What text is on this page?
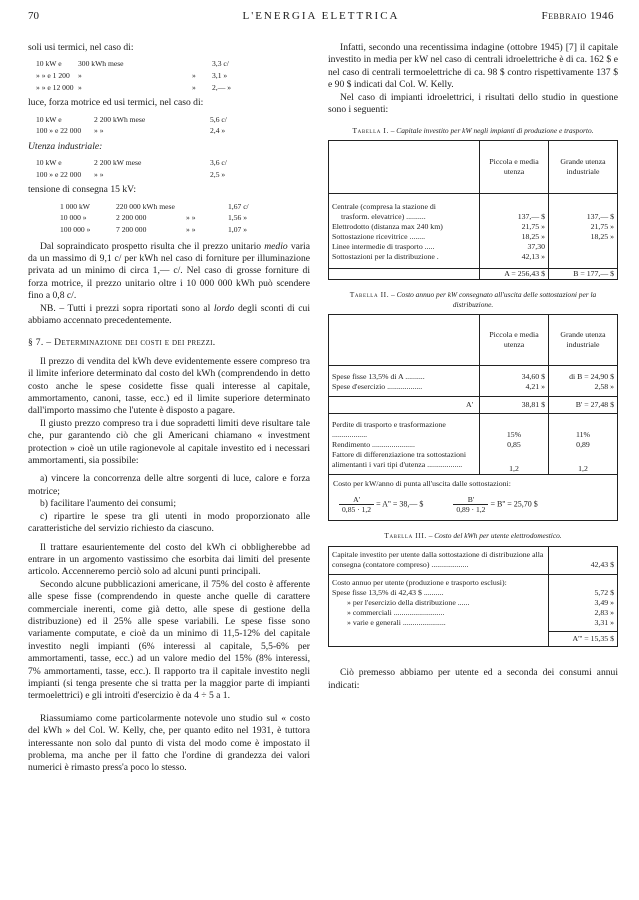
70	L'ENERGIA ELETTRICA	Febbraio 1946

soli usi termici, nel caso di:

10 kW e	300 kWh mese		3,3 c/
» » e 1 200	»	»	3,1 »
» » e 12 000	»	»	2,— »

luce, forza motrice ed usi termici, nel caso di:

10 kW e	2 200 kWh mese	5,6 c/
100 » e 22 000	» »	2,4 »

Utenza industriale:

10 kW e	2 200 kW mese	3,6 c/
100 » e 22 000	» »	2,5 »

tensione di consegna 15 kV:

1 000 kW	220 000 kWh mese		1,67 c/
10 000 »	2 200 000	» »	1,56 »
100 000 »	7 200 000	» »	1,07 »

Dal sopraindicato prospetto risulta che il prezzo unitario medio varia da un massimo di 9,1 c/ per kWh nel caso di forniture per illuminazione privata ad un minimo di circa 1,— c/. Nel caso di grosse forniture di forza motrice, il prezzo unitario oltre i 10 000 000 kWh può scendere fino a 0,8 c/.

NB. – Tutti i prezzi sopra riportati sono al lordo degli sconti di cui abbiamo accennato precedentemente.

§ 7. – Determinazione dei costi e dei prezzi.

Il prezzo di vendita del kWh deve evidentemente essere compreso tra il limite inferiore determinato dal costo del kWh (comprendendo in detto costo anche le spese cosidette fisse quali interesse al capitale, ammortamento, canoni, tasse, ecc.) ed il limite superiore determinato dall'importo massimo che l'utente è disposto a pagare.

Il giusto prezzo compreso tra i due sopradetti limiti deve risultare tale che, pur garantendo ciò che gli Americani chiamano « investment protection » cioè un utile ragionevole al capitale investito ed i necessari ammortamenti, sia possibile:

a) vincere la concorrenza delle altre sorgenti di luce, calore e forza motrice;

b) facilitare l'aumento dei consumi;

c) ripartire le spese tra gli utenti in modo proporzionato alle caratteristiche del servizio richiesto da ciascuno.

Il trattare esaurientemente del costo del kWh ci obbligherebbe ad entrare in un argomento vastissimo che esorbita dai limiti del presente articolo. Accenneremo perciò solo ad alcuni punti principali.

Secondo alcune pubblicazioni americane, il 75% del costo è afferente alle spese fisse (comprendendo in queste anche quelle di carattere commerciale inerenti, come già detto, alle spese di gestione della distribuzione) ed il 25% alle spese variabili. Le spese fisse sono variamente computate, e cioè da un minimo di 11,5-12% del capitale investito negli impianti (6% interessi al capitale, 5,5-6% per ammortamenti, tasse, ecc.) ad un valore medio del 15% (8% interessi, 7% ammortamenti, tasse, ecc.). Il rapporto tra il capitale investito negli impianti (si tenga presente che si tratta per la maggior parte di impianti termoelettrici) e gli introiti d'esercizio è da 4 ÷ 5 a 1.

Riassumiamo come particolarmente notevole uno studio sul « costo del kWh » del Col. W. Kelly, che, per quanto edito nel 1931, è tuttora interessante non solo dal punto di vista del modo come è impostato il problema, ma anche per il fatto che l'ordine di grandezza dei valori numerici è rimasto press'a poco lo stesso.

Infatti, secondo una recentissima indagine (ottobre 1945) [7] il capitale investito in media per kW nel caso di centrali idroelettriche è di ca. 162 $ e nel caso di centrali termoelettriche di ca. 98 $ contro rispettivamente 137 $ e 90 $ indicati dal Col. W. Kelly.

Nel caso di impianti idroelettrici, i risultati dello studio in questione sono i seguenti:

Tabella I. – Capitale investito per kW negli impianti di produzione e trasporto.

	Piccola e media utenza	Grande utenza industriale
Centrale (compresa la stazione di		
trasform. elevatrice) ..........	137,— $	137,— $
Elettrodotto (distanza max 240 km)	21,75 »	21,75 »
Sottostazione ricevitrice ........	18,25 »	18,25 »
Linee intermedie di trasporto .....	37,30	
Sottostazioni per la distribuzione .	42,13 »	
	A = 256,43 $	B = 177,— $

Tabella II. – Costo annuo per kW consegnato all'uscita delle sottostazioni per la distribuzione.

	Piccola e media utenza	Grande utenza industriale
Spese fisse 13,5% di A ..........	34,60 $	di B = 24,90 $
Spese d'esercizio ..................	4,21 »	2,58 »
A'	38,81 $	B' = 27,48 $
Perdite di trasporto e trasformazione ..................	15%	11%
Rendimento ......................	0,85	0,89
Fattore di differenziazione tra sottostazioni alimentanti i vari tipi d'utenza ..................	1,2	1,2
Costo per kW/anno di punta all'uscita dalle sottostazioni:
$\frac{A'}{0,85 \cdot 1,2} = A''$ = 38,— $	$\frac{B'}{0,89 \cdot 1,2} = B'' = 25,70$ $

Tabella III. – Costo del kWh per utente elettrodomestico.

Capitale investito per utente dalla sottostazione di distribuzione alla consegna (contatore compreso) ...................	42,43 $
Costo annuo per utente (produzione e trasporto esclusi):	
Spese fisse 13,5% di 42,43 $ ..........	5,72 $
» per l'esercizio della distribuzione ......	3,49 »
» commerciali ..........................	2,83 »
» varie e generali ......................	3,31 »
	A''' = 15,35 $

Ciò premesso abbiamo per utente ed a seconda dei consumi annui indicati:
